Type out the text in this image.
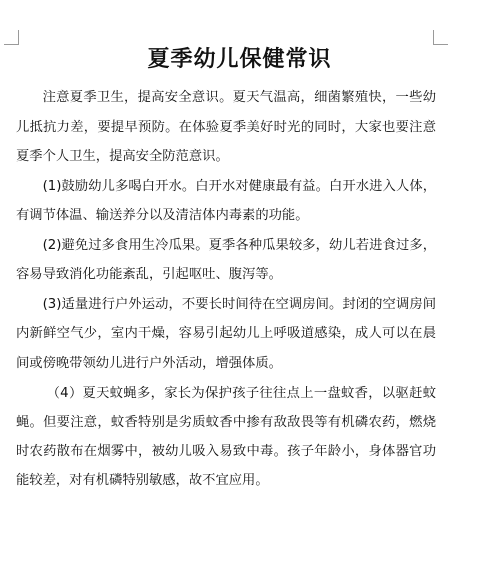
夏季幼儿保健常识

注意夏季卫生，提高安全意识。夏天气温高，细菌繁殖快，一些幼儿抵抗力差，要提早预防。在体验夏季美好时光的同时，大家也要注意夏季个人卫生，提高安全防范意识。

(1)鼓励幼儿多喝白开水。白开水对健康最有益。白开水进入人体，有调节体温、输送养分以及清洁体内毒素的功能。

(2)避免过多食用生冷瓜果。夏季各种瓜果较多，幼儿若进食过多，容易导致消化功能紊乱，引起呕吐、腹泻等。

(3)适量进行户外运动，不要长时间待在空调房间。封闭的空调房间内新鲜空气少，室内干燥，容易引起幼儿上呼吸道感染，成人可以在晨间或傍晚带领幼儿进行户外活动，增强体质。

（4）夏天蚊蝇多，家长为保护孩子往往点上一盘蚊香，以驱赶蚊蝇。但要注意，蚊香特别是劣质蚊香中掺有敌敌畏等有机磷农药，燃烧时农药散布在烟雾中，被幼儿吸入易致中毒。孩子年龄小，身体器官功能较差，对有机磷特别敏感，故不宜应用。
